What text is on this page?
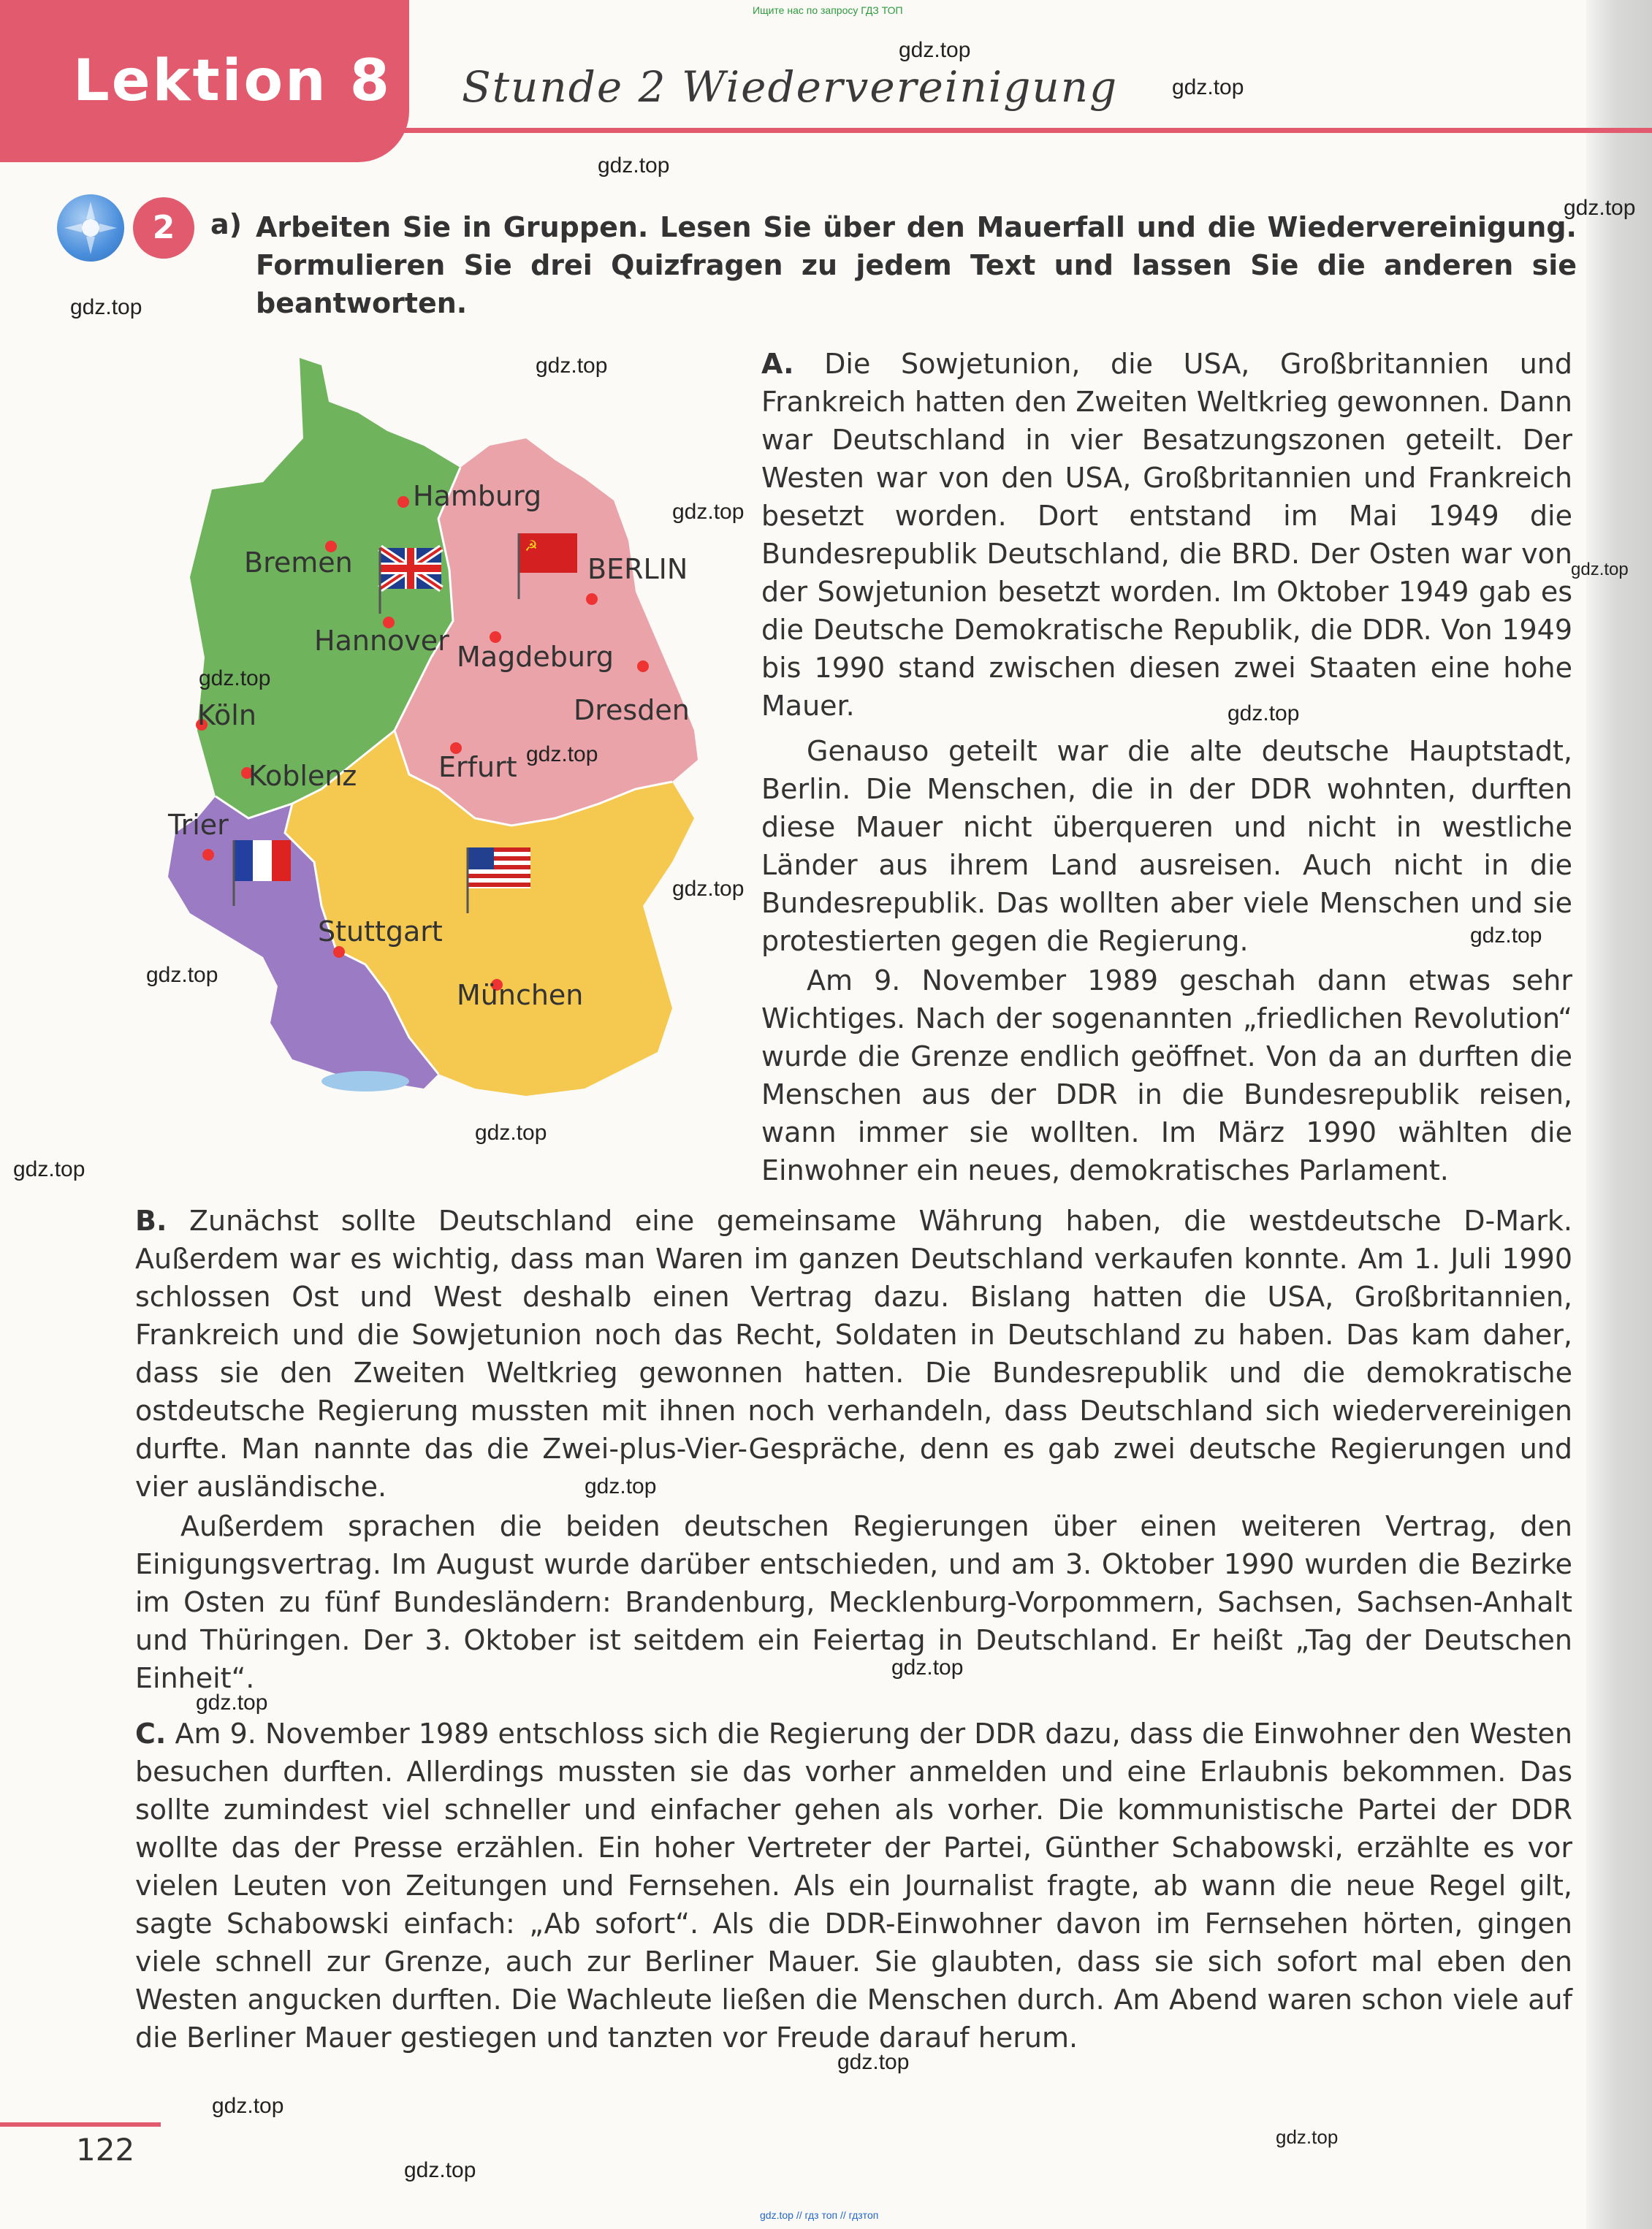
Lektion 8 Stunde 2 Wiedervereinigung
Ищите нас по запросу ГДЗ ТОП
2	a) Arbeiten Sie in Gruppen. Lesen Sie über den Mauerfall und die Wiedervereinigung. Formulieren Sie drei Quizfragen zu jedem Text und lassen Sie die anderen sie beantworten.
☭
Hamburg
Bremen	BERLIN
Hannover Magdeburg
Köln	Dresden
Koblenz	Erfurt
Trier
Stuttgart
München
A. Die Sowjetunion, die USA, Großbritannien und Frankreich hatten den Zweiten Weltkrieg gewonnen. Dann war Deutschland in vier Besatzungszonen geteilt. Der Westen war von den USA, Großbritannien und Frankreich besetzt worden. Dort entstand im Mai 1949 die Bundesrepublik Deutschland, die BRD. Der Osten war von der Sowjetunion besetzt worden. Im Oktober 1949 gab es die Deutsche Demokratische Republik, die DDR. Von 1949 bis 1990 stand zwischen diesen zwei Staaten eine hohe Mauer.
Genauso geteilt war die alte deutsche Hauptstadt, Berlin. Die Menschen, die in der DDR wohnten, durften diese Mauer nicht überqueren und nicht in westliche Länder aus ihrem Land ausreisen. Auch nicht in die Bundesrepublik. Das wollten aber viele Menschen und sie protestierten gegen die Regierung.
Am 9. November 1989 geschah dann etwas sehr Wichtiges. Nach der sogenannten „friedlichen Revolution“ wurde die Grenze endlich geöffnet. Von da an durften die Menschen aus der DDR in die Bundesrepublik reisen, wann immer sie wollten. Im März 1990 wählten die Einwohner ein neues, demokratisches Parlament.
B. Zunächst sollte Deutschland eine gemeinsame Währung haben, die westdeutsche D-Mark. Außerdem war es wichtig, dass man Waren im ganzen Deutschland verkaufen konnte. Am 1. Juli 1990 schlossen Ost und West deshalb einen Vertrag dazu. Bislang hatten die USA, Großbritannien, Frankreich und die Sowjetunion noch das Recht, Soldaten in Deutschland zu haben. Das kam daher, dass sie den Zweiten Weltkrieg gewonnen hatten. Die Bundesrepublik und die demokratische ostdeutsche Regierung mussten mit ihnen noch verhandeln, dass Deutschland sich wiedervereinigen durfte. Man nannte das die Zwei-plus-Vier-Gespräche, denn es gab zwei deutsche Regierungen und vier ausländische.
Außerdem sprachen die beiden deutschen Regierungen über einen weiteren Vertrag, den Einigungsvertrag. Im August wurde darüber entschieden, und am 3. Oktober 1990 wurden die Bezirke im Osten zu fünf Bundesländern: Brandenburg, Mecklenburg-Vorpommern, Sachsen, Sachsen-Anhalt und Thüringen. Der 3. Oktober ist seitdem ein Feiertag in Deutschland. Er heißt „Tag der Deutschen Einheit“.
C. Am 9. November 1989 entschloss sich die Regierung der DDR dazu, dass die Einwohner den Westen besuchen durften. Allerdings mussten sie das vorher anmelden und eine Erlaubnis bekommen. Das sollte zumindest viel schneller und einfacher gehen als vorher. Die kommunistische Partei der DDR wollte das der Presse erzählen. Ein hoher Vertreter der Partei, Günther Schabowski, erzählte es vor vielen Leuten von Zeitungen und Fernsehen. Als ein Journalist fragte, ab wann die neue Regel gilt, sagte Schabowski einfach: „Ab sofort“. Als die DDR-Einwohner davon im Fernsehen hörten, gingen viele schnell zur Grenze, auch zur Berliner Mauer. Sie glaubten, dass sie sich sofort mal eben den Westen angucken durften. Die Wachleute ließen die Menschen durch. Am Abend waren schon viele auf die Berliner Mauer gestiegen und tanzten vor Freude darauf herum.
122
gdz.top
gdz.top
gdz.top
gdz.top
gdz.top
gdz.top
gdz.top
gdz.top
gdz.top
gdz.top
gdz.top
gdz.top
gdz.top
gdz.top
gdz.top
gdz.top
gdz.top
gdz.top
gdz.top
gdz.top
gdz.top
gdz.top
gdz.top
gdz.top // гдз топ // гдзтоп
